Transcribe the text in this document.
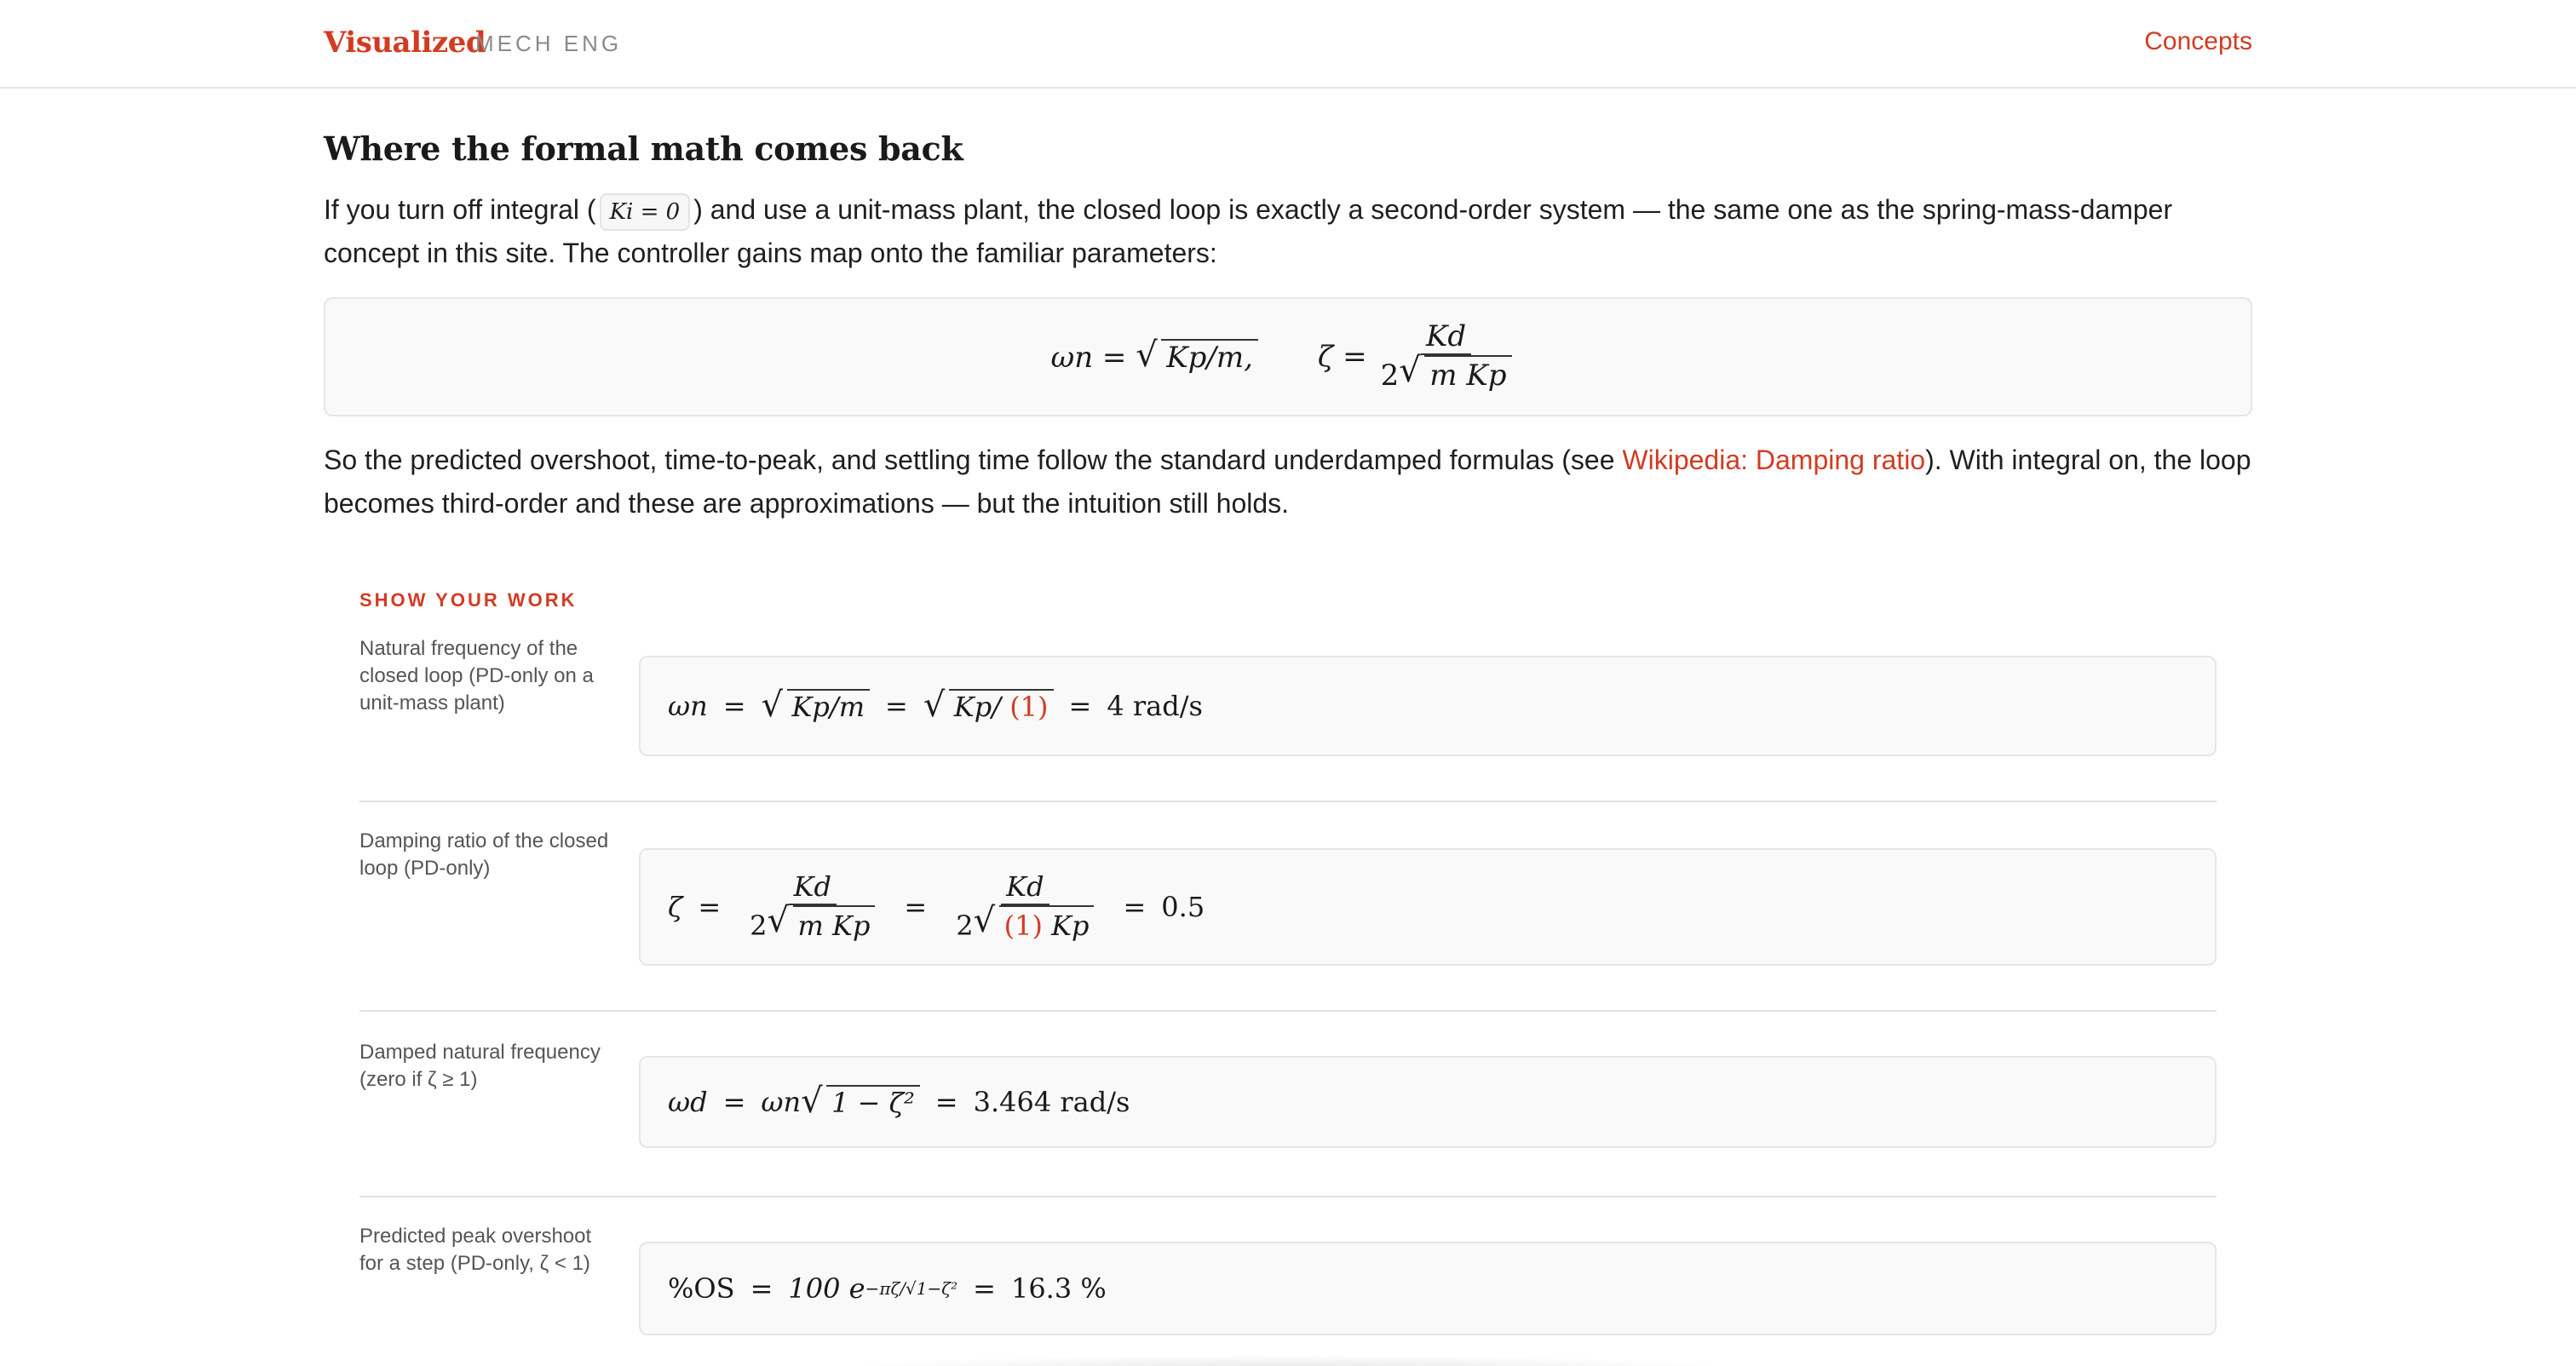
Visualized
MECH ENG	Concepts
Where the formal math comes back

If you turn off integral ( Ki = 0 ) and use a unit-mass plant, the closed loop is exactly a second-order system — the same one as the spring-mass-damper concept in this site. The controller gains map onto the familiar parameters:

ωn = √ Kp/m, $\zeta = \frac{Kd}{\text{2 √ m Kp}}$

So the predicted overshoot, time-to-peak, and settling time follow the standard underdamped formulas (see Wikipedia: Damping ratio). With integral on, the loop becomes third-order and these are approximations — but the intuition still holds.

SHOW YOUR WORK
Natural frequency of the closed loop (PD-only on a unit-mass plant)	ωn =	√ Kp/m =	√ Kp/ (1) = 4 rad/s
Damping ratio of the closed loop (PD-only)
$\zeta = \frac{Kd}{\text{2 √ m Kp}} = \frac{Kd}{2 √ (1) Kp} = 0.5$
Damped natural frequency (zero if ζ ≥ 1)
ωd = ωn	√ 1 − ζ² = 3.464 rad/s
Predicted peak overshoot for a step (PD-only, ζ < 1)
%OS = 100 e −πζ/√1−ζ² = 16.3 %
